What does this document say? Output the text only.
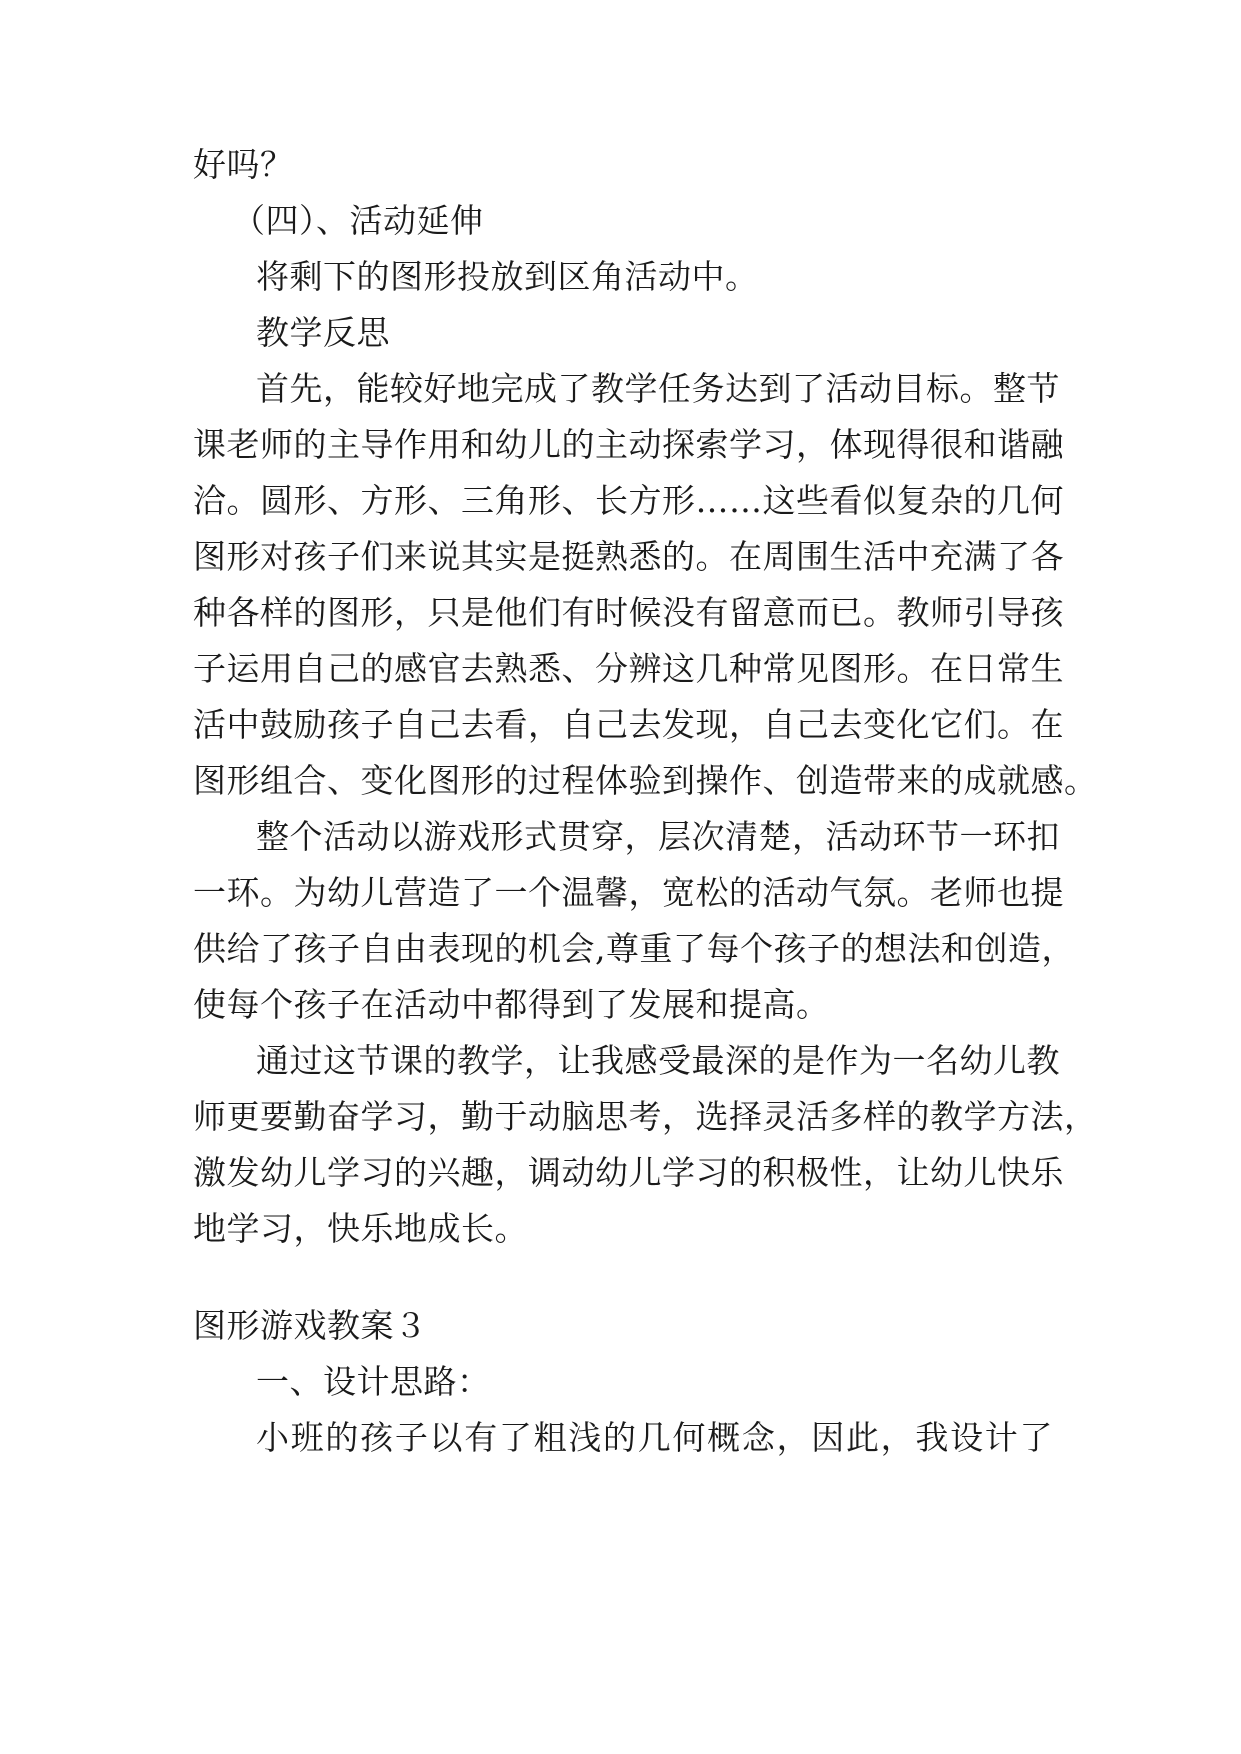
好吗？
（四）、活动延伸
将剩下的图形投放到区角活动中。
教学反思
首先，能较好地完成了教学任务达到了活动目标。整节
课老师的主导作用和幼儿的主动探索学习，体现得很和谐融
洽。圆形、方形、三角形、长方形……这些看似复杂的几何
图形对孩子们来说其实是挺熟悉的。在周围生活中充满了各
种各样的图形，只是他们有时候没有留意而已。教师引导孩
子运用自己的感官去熟悉、分辨这几种常见图形。在日常生
活中鼓励孩子自己去看，自己去发现，自己去变化它们。在
图形组合、变化图形的过程体验到操作、创造带来的成就感。
整个活动以游戏形式贯穿，层次清楚，活动环节一环扣
一环。为幼儿营造了一个温馨，宽松的活动气氛。老师也提
供给了孩子自由表现的机会,尊重了每个孩子的想法和创造，
使每个孩子在活动中都得到了发展和提高。
通过这节课的教学，让我感受最深的是作为一名幼儿教
师更要勤奋学习，勤于动脑思考，选择灵活多样的教学方法，
激发幼儿学习的兴趣，调动幼儿学习的积极性，让幼儿快乐
地学习，快乐地成长。
图形游戏教案３
一、设计思路：
小班的孩子以有了粗浅的几何概念，因此，我设计了
